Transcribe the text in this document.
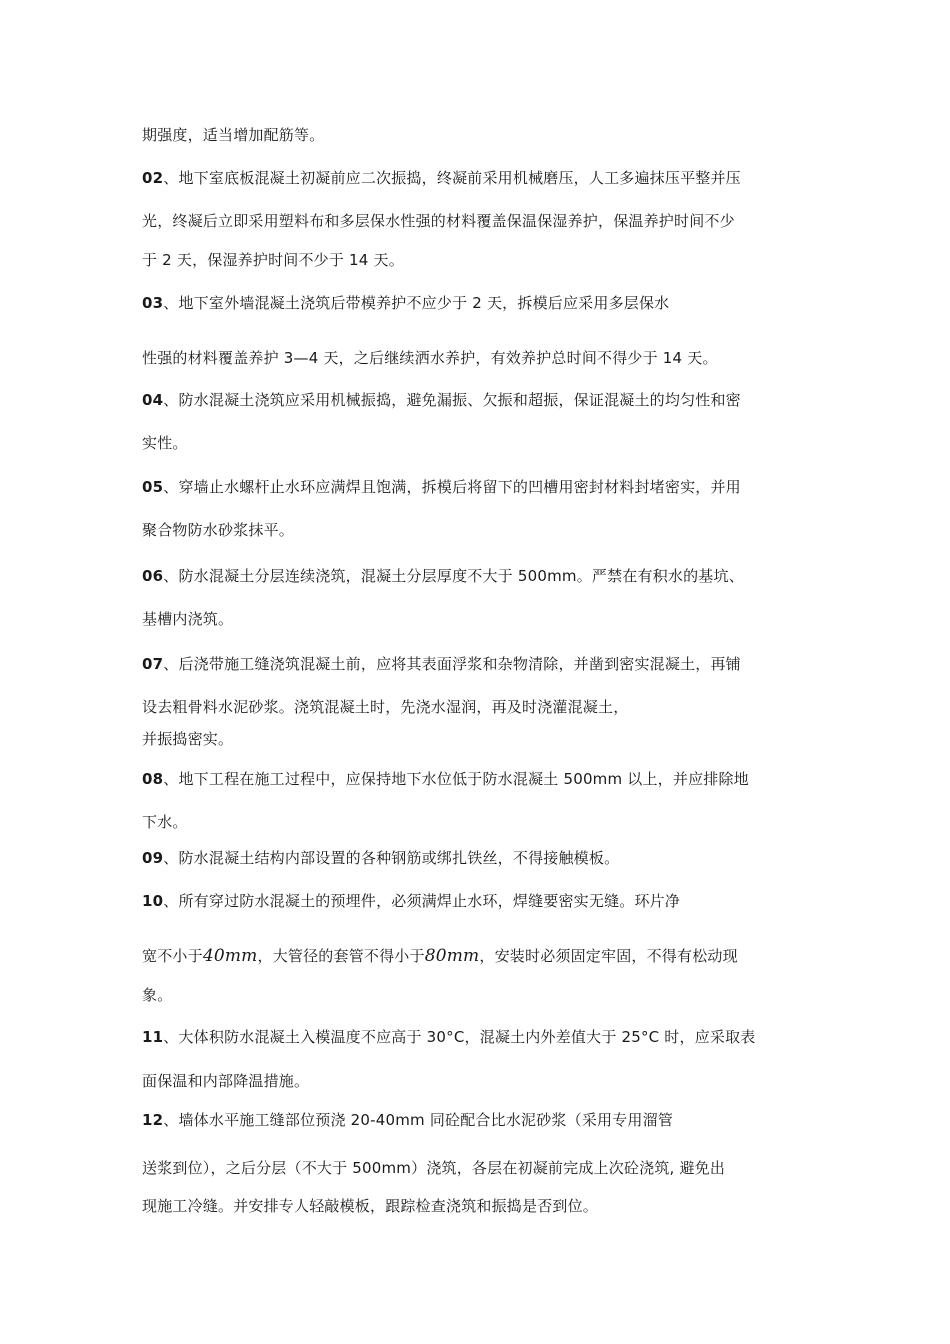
期强度，适当增加配筋等。
02、地下室底板混凝土初凝前应二次振捣，终凝前采用机械磨压，人工多遍抹压平整并压
光，终凝后立即采用塑料布和多层保水性强的材料覆盖保温保湿养护，保温养护时间不少
于 2 天，保湿养护时间不少于 14 天。
03、地下室外墙混凝土浇筑后带模养护不应少于 2 天，拆模后应采用多层保水
性强的材料覆盖养护 3—4 天，之后继续洒水养护，有效养护总时间不得少于 14 天。
04、防水混凝土浇筑应采用机械振捣，避免漏振、欠振和超振，保证混凝土的均匀性和密
实性。
05、穿墙止水螺杆止水环应满焊且饱满，拆模后将留下的凹槽用密封材料封堵密实，并用
聚合物防水砂浆抹平。
06、防水混凝土分层连续浇筑，混凝土分层厚度不大于 500mm。严禁在有积水的基坑、
基槽内浇筑。
07、后浇带施工缝浇筑混凝土前，应将其表面浮浆和杂物清除，并凿到密实混凝土，再铺
设去粗骨料水泥砂浆。浇筑混凝土时，先浇水湿润，再及时浇灌混凝土，
并振捣密实。
08、地下工程在施工过程中，应保持地下水位低于防水混凝土 500mm 以上，并应排除地
下水。
09、防水混凝土结构内部设置的各种钢筋或绑扎铁丝，不得接触模板。
10、所有穿过防水混凝土的预埋件，必须满焊止水环，焊缝要密实无缝。环片净
宽不小于40mm，大管径的套管不得小于80mm，安装时必须固定牢固，不得有松动现
象。
11、大体积防水混凝土入模温度不应高于 30°C，混凝土内外差值大于 25°C 时，应采取表
面保温和内部降温措施。
12、墙体水平施工缝部位预浇 20-40mm 同砼配合比水泥砂浆（采用专用溜管
送浆到位），之后分层（不大于 500mm）浇筑，各层在初凝前完成上次砼浇筑, 避免出
现施工冷缝。并安排专人轻敲模板，跟踪检查浇筑和振捣是否到位。
